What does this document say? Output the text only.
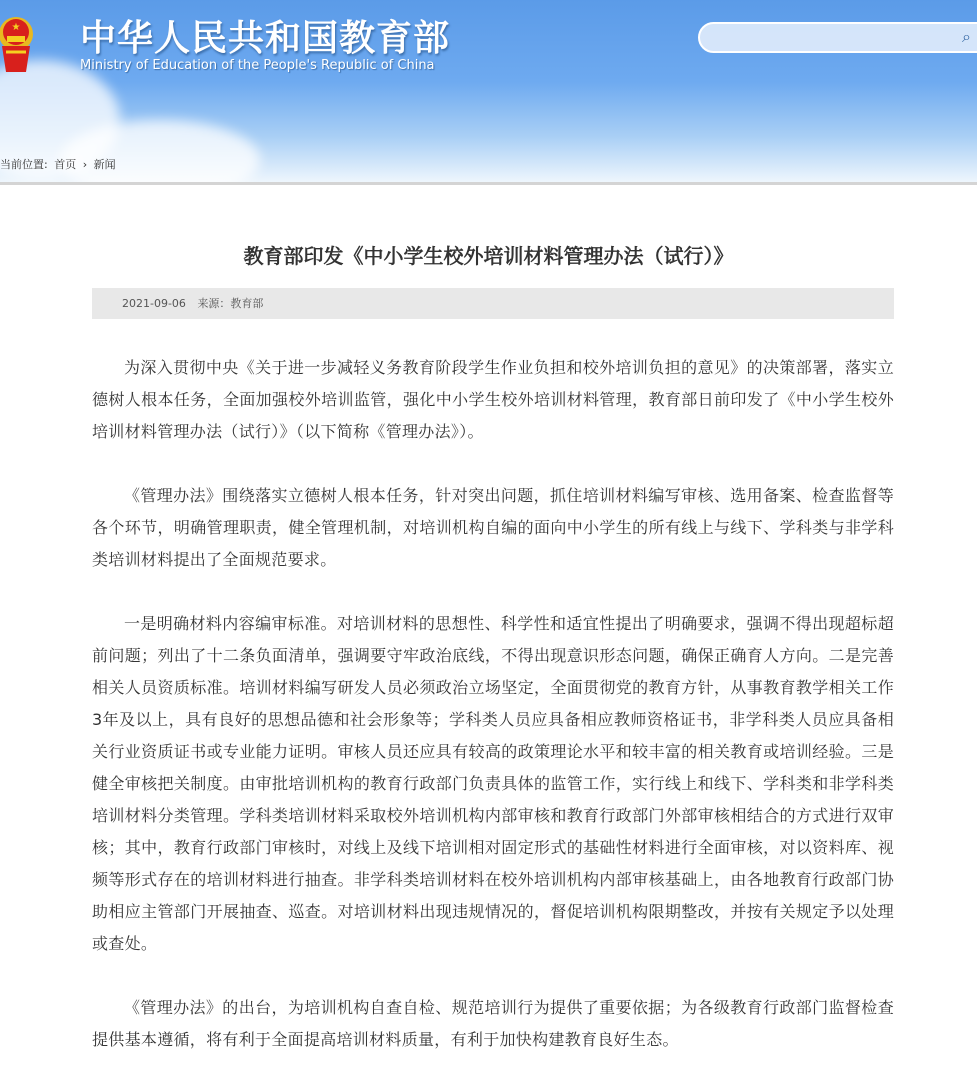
★ 中华人民共和国教育部
Ministry of Education of the People's Republic of China
⌕
当前位置: 首页 › 新闻
教育部印发《中小学生校外培训材料管理办法（试行）》
2021-09-06 来源：教育部

为深入贯彻中央《关于进一步减轻义务教育阶段学生作业负担和校外培训负担的意见》的决策部署，落实立德树人根本任务，全面加强校外培训监管，强化中小学生校外培训材料管理，教育部日前印发了《中小学生校外培训材料管理办法（试行）》（以下简称《管理办法》）。

《管理办法》围绕落实立德树人根本任务，针对突出问题，抓住培训材料编写审核、选用备案、检查监督等各个环节，明确管理职责，健全管理机制，对培训机构自编的面向中小学生的所有线上与线下、学科类与非学科类培训材料提出了全面规范要求。

一是明确材料内容编审标准。对培训材料的思想性、科学性和适宜性提出了明确要求，强调不得出现超标超前问题；列出了十二条负面清单，强调要守牢政治底线，不得出现意识形态问题，确保正确育人方向。二是完善相关人员资质标准。培训材料编写研发人员必须政治立场坚定，全面贯彻党的教育方针，从事教育教学相关工作3年及以上，具有良好的思想品德和社会形象等；学科类人员应具备相应教师资格证书，非学科类人员应具备相关行业资质证书或专业能力证明。审核人员还应具有较高的政策理论水平和较丰富的相关教育或培训经验。三是健全审核把关制度。由审批培训机构的教育行政部门负责具体的监管工作，实行线上和线下、学科类和非学科类培训材料分类管理。学科类培训材料采取校外培训机构内部审核和教育行政部门外部审核相结合的方式进行双审核；其中，教育行政部门审核时，对线上及线下培训相对固定形式的基础性材料进行全面审核，对以资料库、视频等形式存在的培训材料进行抽查。非学科类培训材料在校外培训机构内部审核基础上，由各地教育行政部门协助相应主管部门开展抽查、巡查。对培训材料出现违规情况的，督促培训机构限期整改，并按有关规定予以处理或查处。

《管理办法》的出台，为培训机构自查自检、规范培训行为提供了重要依据；为各级教育行政部门监督检查提供基本遵循，将有利于全面提高培训材料质量，有利于加快构建教育良好生态。
